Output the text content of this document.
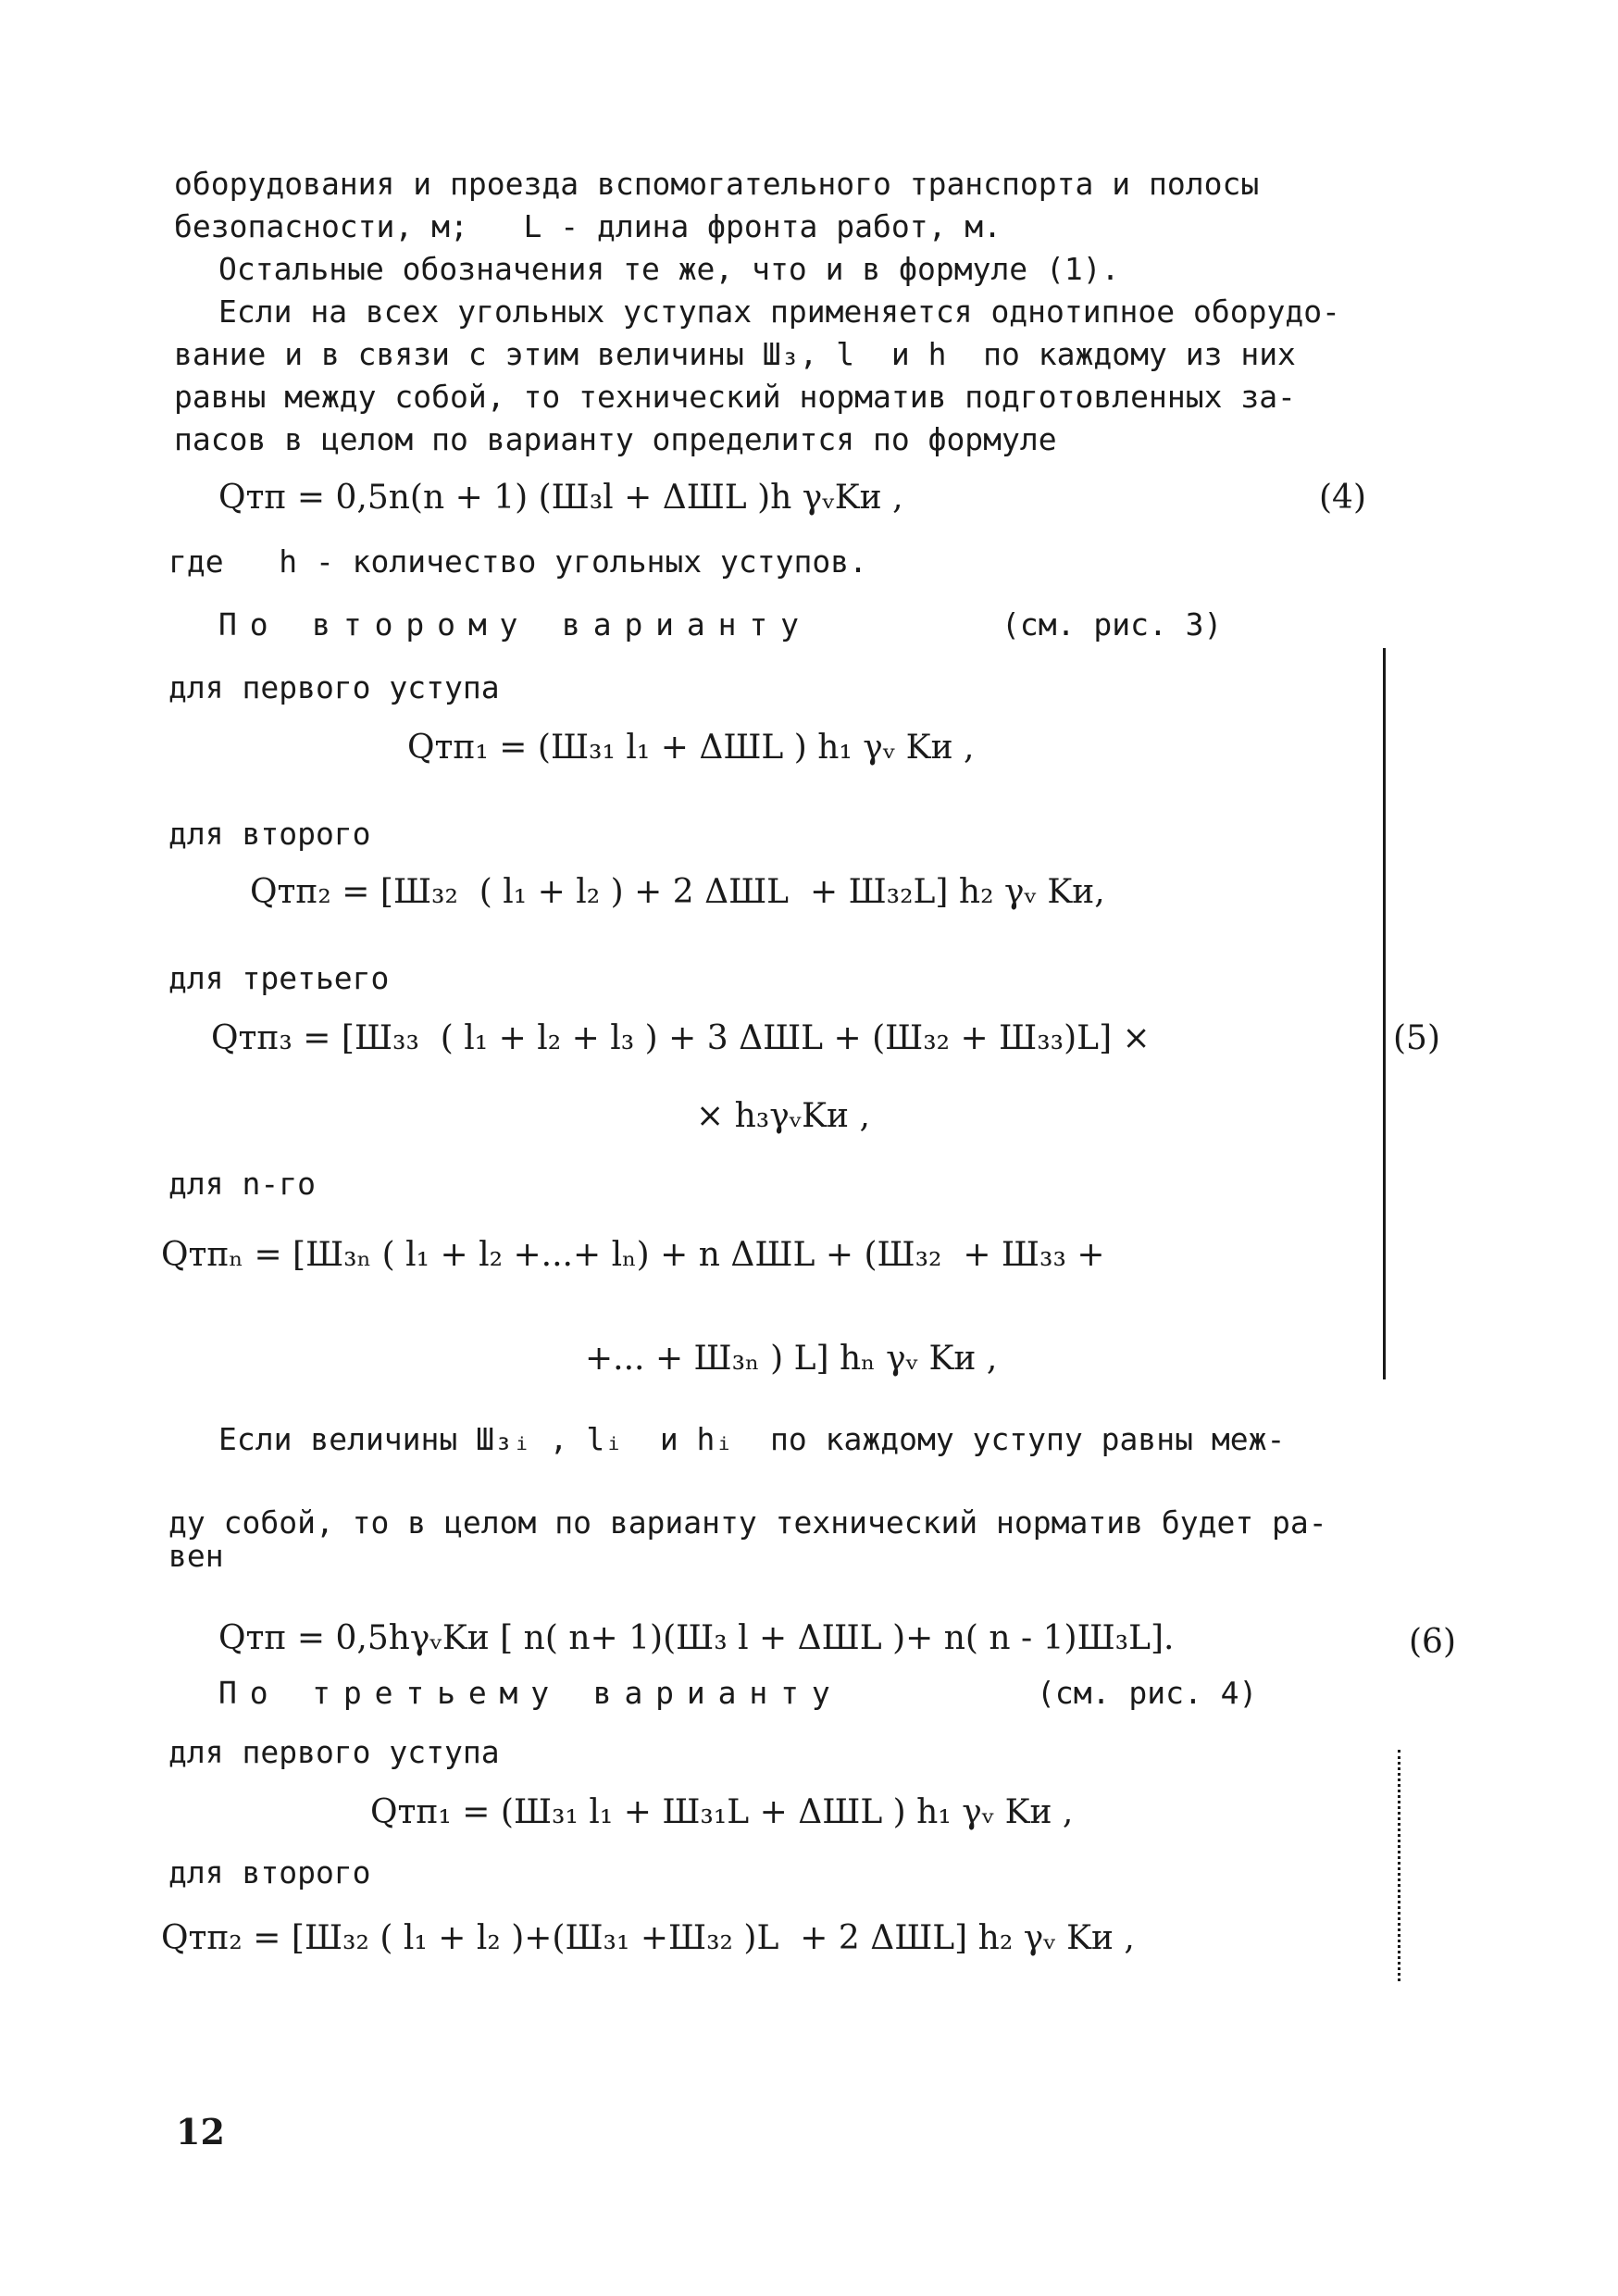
оборудования и проезда вспомогательного транспорта и полосы
безопасности, м;   L - длина фронта работ, м.
Остальные обозначения те же, что и в формуле (1).
Если на всех угольных уступах применяется однотипное оборудо-
вание и в связи с этим величины Ш₃, l  и h  по каждому из них
равны между собой, то технический норматив подготовленных за-
пасов в целом по варианту определится по формуле
Qтп = 0,5n(n + 1) (Ш₃l + ΔШL )h γᵥKи ,	(4)
где   h - количество угольных уступов.
По второму варианту	(см. рис. 3)
для первого уступа
Qтп₁ = (Ш₃₁ l₁ + ΔШL ) h₁ γᵥ Kи ,
для второго
Qтп₂ = [Ш₃₂  ( l₁ + l₂ ) + 2 ΔШL  + Ш₃₂L] h₂ γᵥ Kи,
для третьего
Qтп₃ = [Ш₃₃  ( l₁ + l₂ + l₃ ) + 3 ΔШL + (Ш₃₂ + Ш₃₃)L] ×
× h₃γᵥKи ,
для n-го
Qтпₙ = [Ш₃ₙ ( l₁ + l₂ +...+ lₙ) + n ΔШL + (Ш₃₂  + Ш₃₃ +
+... + Ш₃ₙ ) L] hₙ γᵥ Kи ,
(5)
Если величины Ш₃ᵢ , lᵢ  и hᵢ  по каждому уступу равны меж-
ду собой, то в целом по варианту технический норматив будет ра-
вен
Qтп = 0,5hγᵥKи [ n( n+ 1)(Ш₃ l + ΔШL )+ n( n - 1)Ш₃L].	(6)
По третьему варианту	(см. рис. 4)
для первого уступа
Qтп₁ = (Ш₃₁ l₁ + Ш₃₁L + ΔШL ) h₁ γᵥ Kи ,
для второго
Qтп₂ = [Ш₃₂ ( l₁ + l₂ )+(Ш₃₁ +Ш₃₂ )L  + 2 ΔШL] h₂ γᵥ Kи ,
12
